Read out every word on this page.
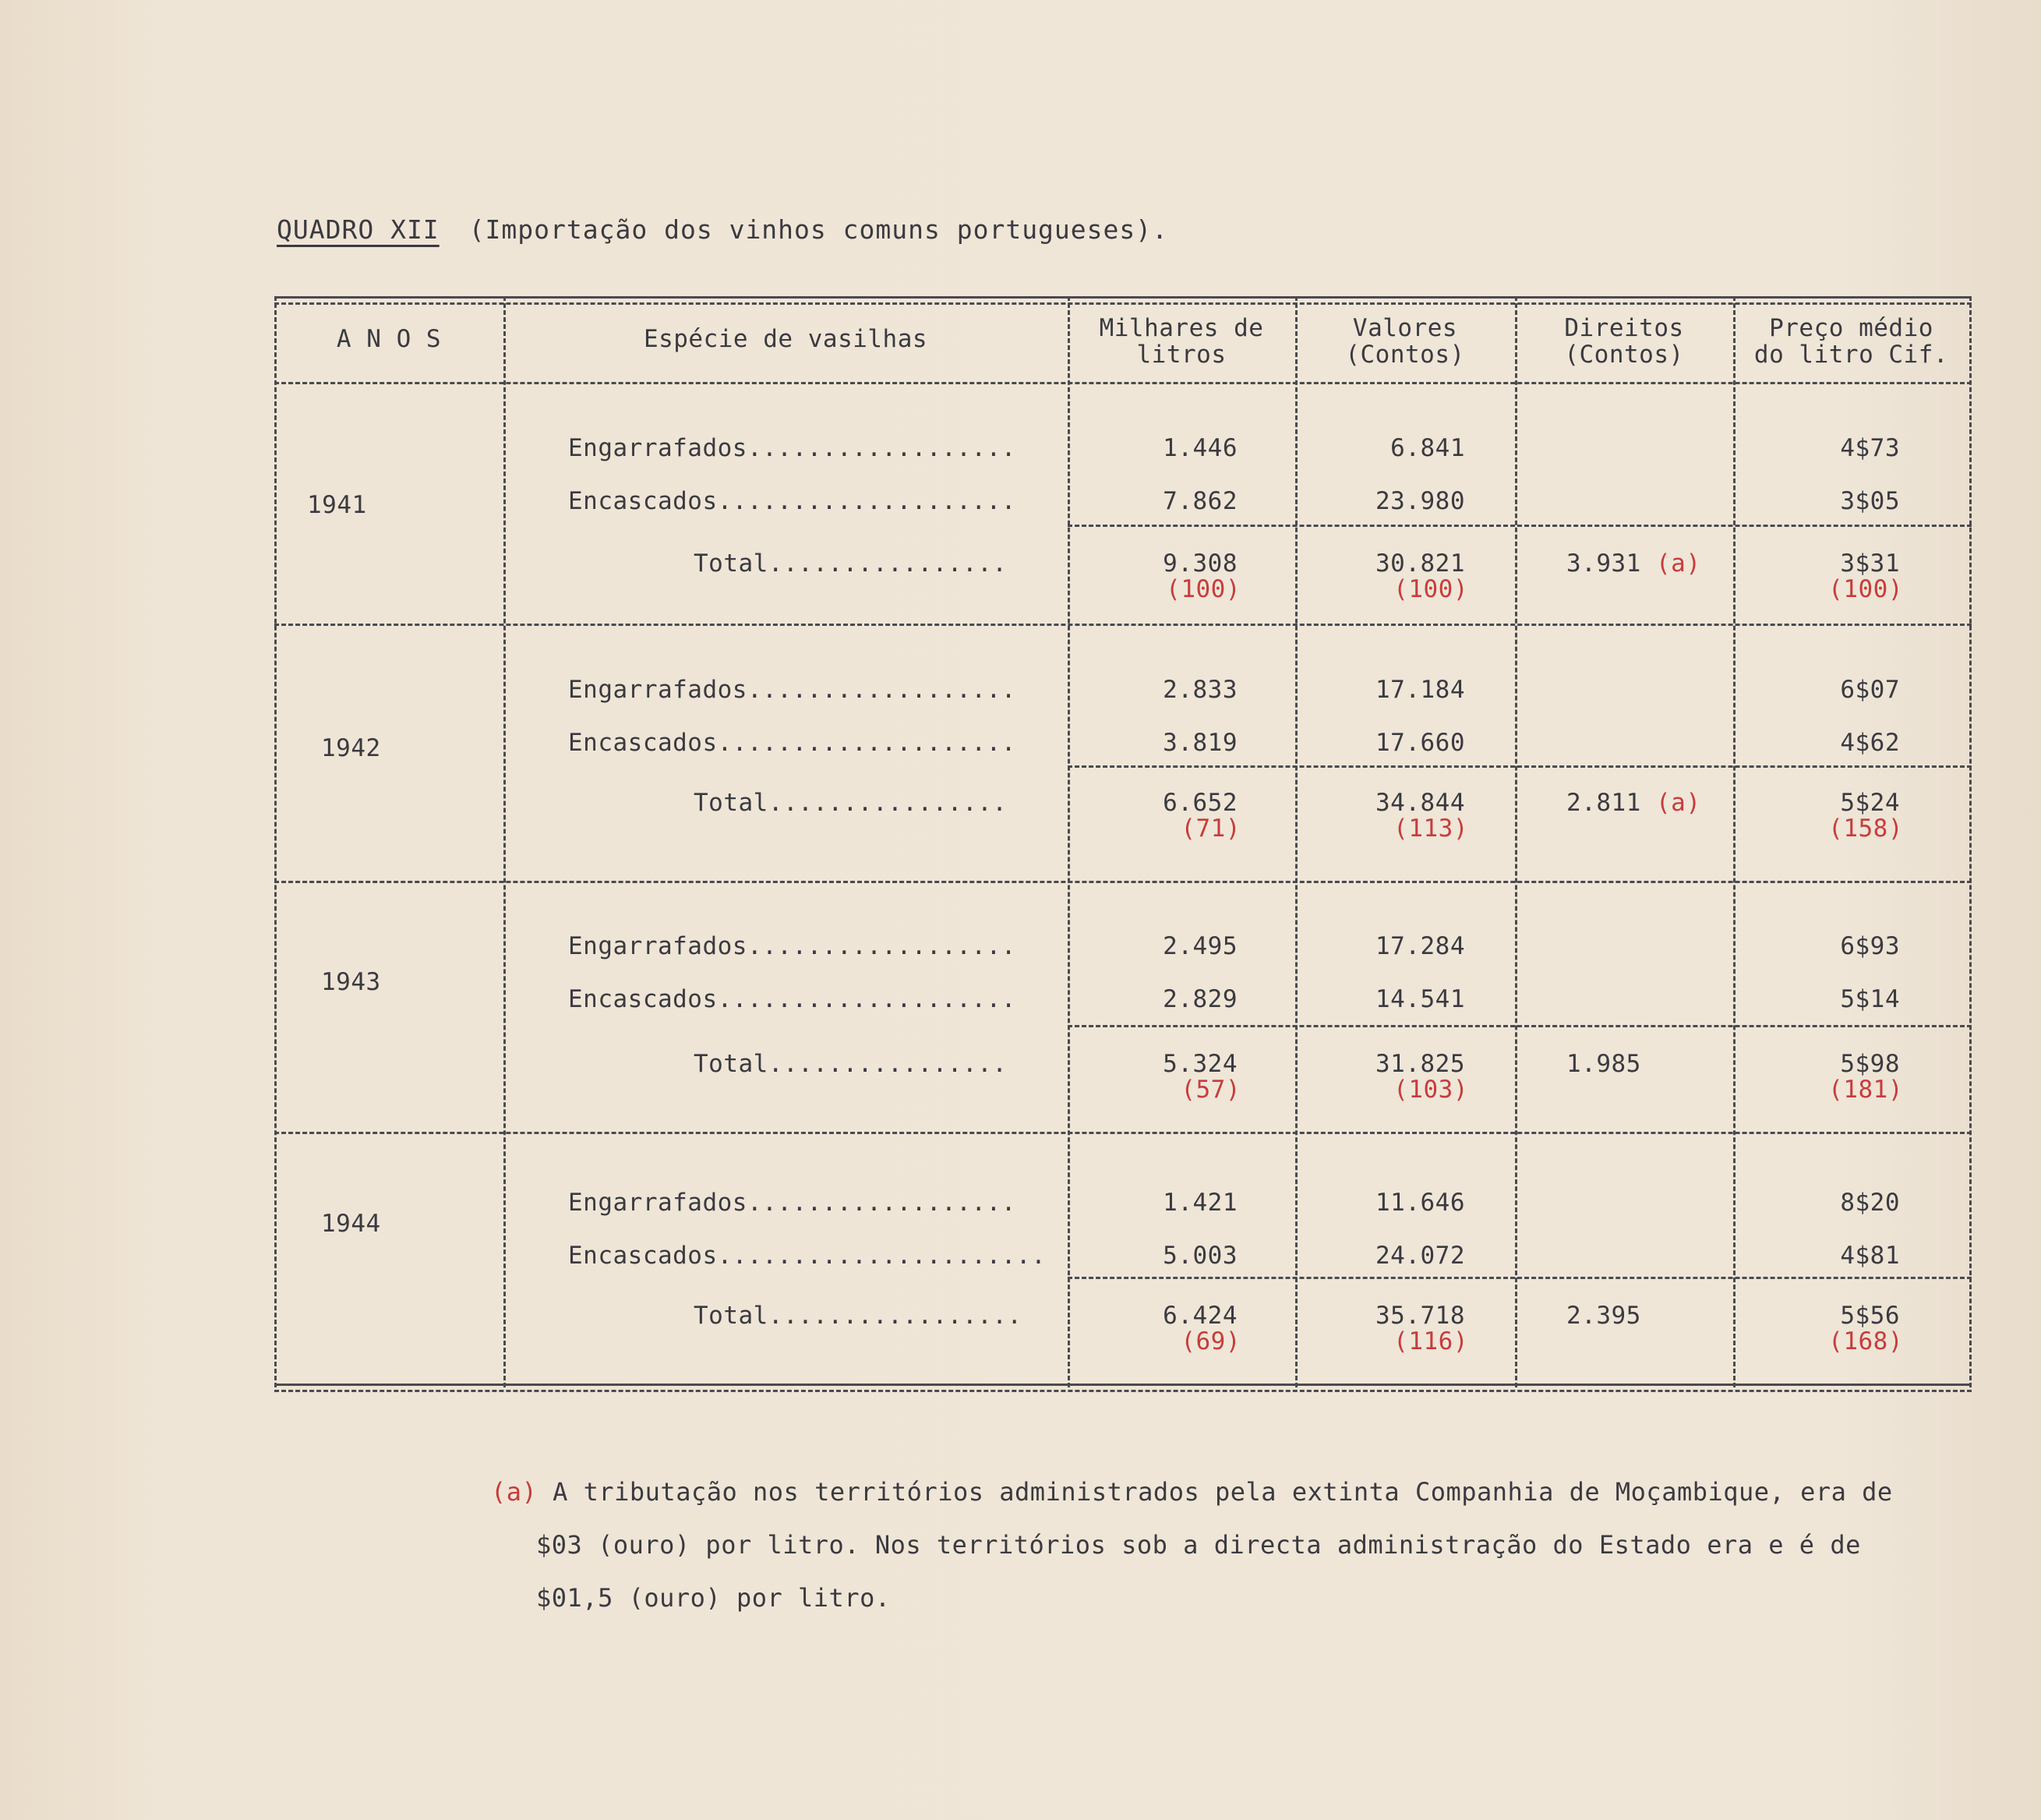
QUADRO XII (Importação dos vinhos comuns portugueses).
A N O S	Espécie de vasilhas	Milhares de
litros
Valores
(Contos)
Direitos
(Contos)
Preço médio
do litro Cif.
1941
Engarrafados..................
Encascados....................
Total................
1.446
7.862
9.308
(100)
6.841
23.980
30.821
(100)
3.931 (a)
4$73
3$05
3$31
(100)
1942
Engarrafados..................
Encascados....................
Total................
2.833
3.819
6.652
(71)
17.184
17.660
34.844
(113)
2.811 (a)
6$07
4$62
5$24
(158)
1943
Engarrafados..................
Encascados....................
Total................
2.495
2.829
5.324
(57)
17.284
14.541
31.825
(103)
1.985
6$93
5$14
5$98
(181)
1944
Engarrafados..................
Encascados......................
Total.................
1.421
5.003
6.424
(69)
11.646
24.072
35.718
(116)
2.395
8$20
4$81
5$56
(168)
(a) A tributação nos territórios administrados pela extinta Companhia de Moçambique, era de
$03 (ouro) por litro. Nos territórios sob a directa administração do Estado era e é de
$01,5 (ouro) por litro.
